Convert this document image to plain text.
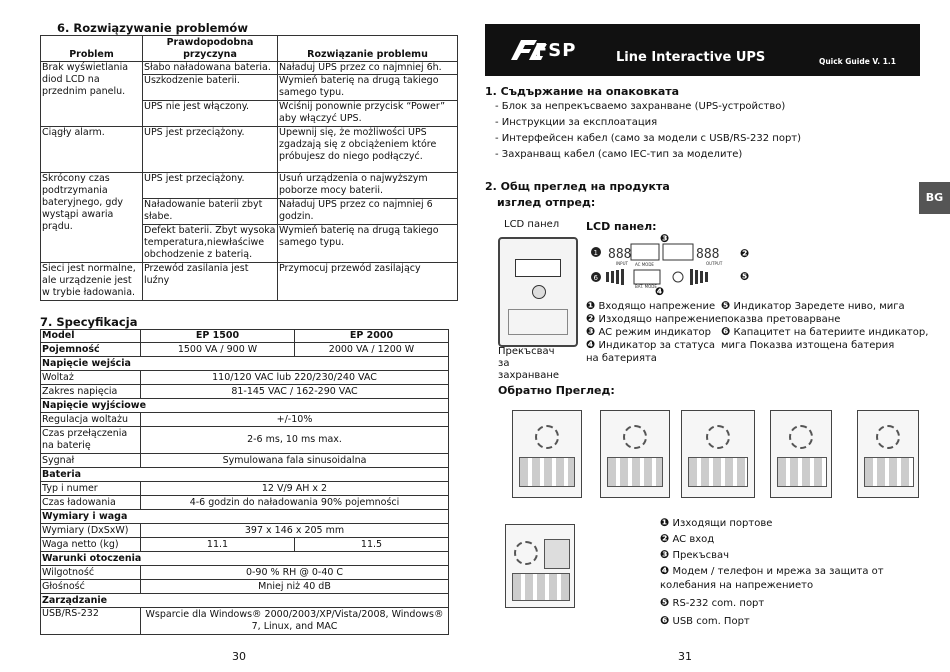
6. Rozwiązywanie problemów
Problem	Prawdopodobna przyczyna	Rozwiązanie problemu
Brak wyświetlania diod LCD na przednim panelu.	Słabo naładowana bateria.	Naładuj UPS przez co najmniej 6h.
	Uszkodzenie baterii.	Wymień baterię na drugą takiego samego typu.
	UPS nie jest włączony.	Wciśnij ponownie przycisk “Power” aby włączyć UPS.
Ciągły alarm.	UPS jest przeciążony.	Upewnij się, że możliwości UPS zgadzają się z obciążeniem które próbujesz do niego podłączyć.
Skrócony czas podtrzymania bateryjnego, gdy wystąpi awaria prądu.	UPS jest przeciążony.	Usuń urządzenia o najwyższym poborze mocy baterii.
	Naładowanie baterii zbyt słabe.	Naładuj UPS przez co najmniej 6 godzin.
	Defekt baterii. Zbyt wysoka temperatura,niewłaściwe obchodzenie z baterią.	Wymień baterię na drugą takiego samego typu.
Sieci jest normalne, ale urządzenie jest w trybie ładowania.	Przewód zasilania jest luźny	Przymocuj przewód zasilający
7. Specyfikacja
Model	EP 1500	EP 2000
Pojemność	1500 VA / 900 W	2000 VA / 1200 W
Napięcie wejścia		
Woltaż	110/120 VAC lub 220/230/240 VAC	
Zakres napięcia	81-145 VAC / 162-290 VAC	
Napięcie wyjściowe		
Regulacja woltażu	+/-10%	
Czas przełączenia na baterię	2-6 ms, 10 ms max.	
Sygnał	Symulowana fala sinusoidalna	
Bateria		
Typ i numer	12 V/9 AH x 2	
Czas ładowania	4-6 godzin do naładowania 90% pojemności	
Wymiary i waga		
Wymiary (DxSxW)	397 x 146 x 205 mm	
Waga netto (kg)	11.1	11.5
Warunki otoczenia		
Wilgotność	0-90 % RH @ 0-40 C	
Głośność	Mniej niż 40 dB	
Zarządzanie		
USB/RS-232	Wsparcie dla Windows® 2000/2003/XP/Vista/2008, Windows® 7, Linux, and MAC	
30
FSP	Line Interactive UPS	Quick Guide V. 1.1
BG
1. Съдържание на опаковката
- Блок за непрекъсваемо захранване (UPS-устройство)
- Инструкции за експлоатация
- Интерфейсен кабел (само за модели с USB/RS-232 порт)
- Захранващ кабел (само IEC-тип за моделите)
2. Общ преглед на продукта
изглед отпред:
LCD панел
Прекъсвач за захранване
LCD панел:
888	888
INPUT	OUTPUT
AC MODE
BAT. MODE
1
6
❸
❷
❺
❹
❶ Входящо напрежение
❷ Изходящо напрежение
❸ AC режим индикатор
❹ Индикатор за статуса на батерията
❺ Индикатор Заредете ниво, мига показва претоварване
❻ Капацитет на батериите индикатор, мига Показва изтощена батерия
Обратно Преглед:
❶ Изходящи портове
❷ AC вход
❸ Прекъсвач
❹ Модем / телефон и мрежа за защита от колебания на напрежението
❺ RS-232 com. порт
❻ USB com. Порт
31
